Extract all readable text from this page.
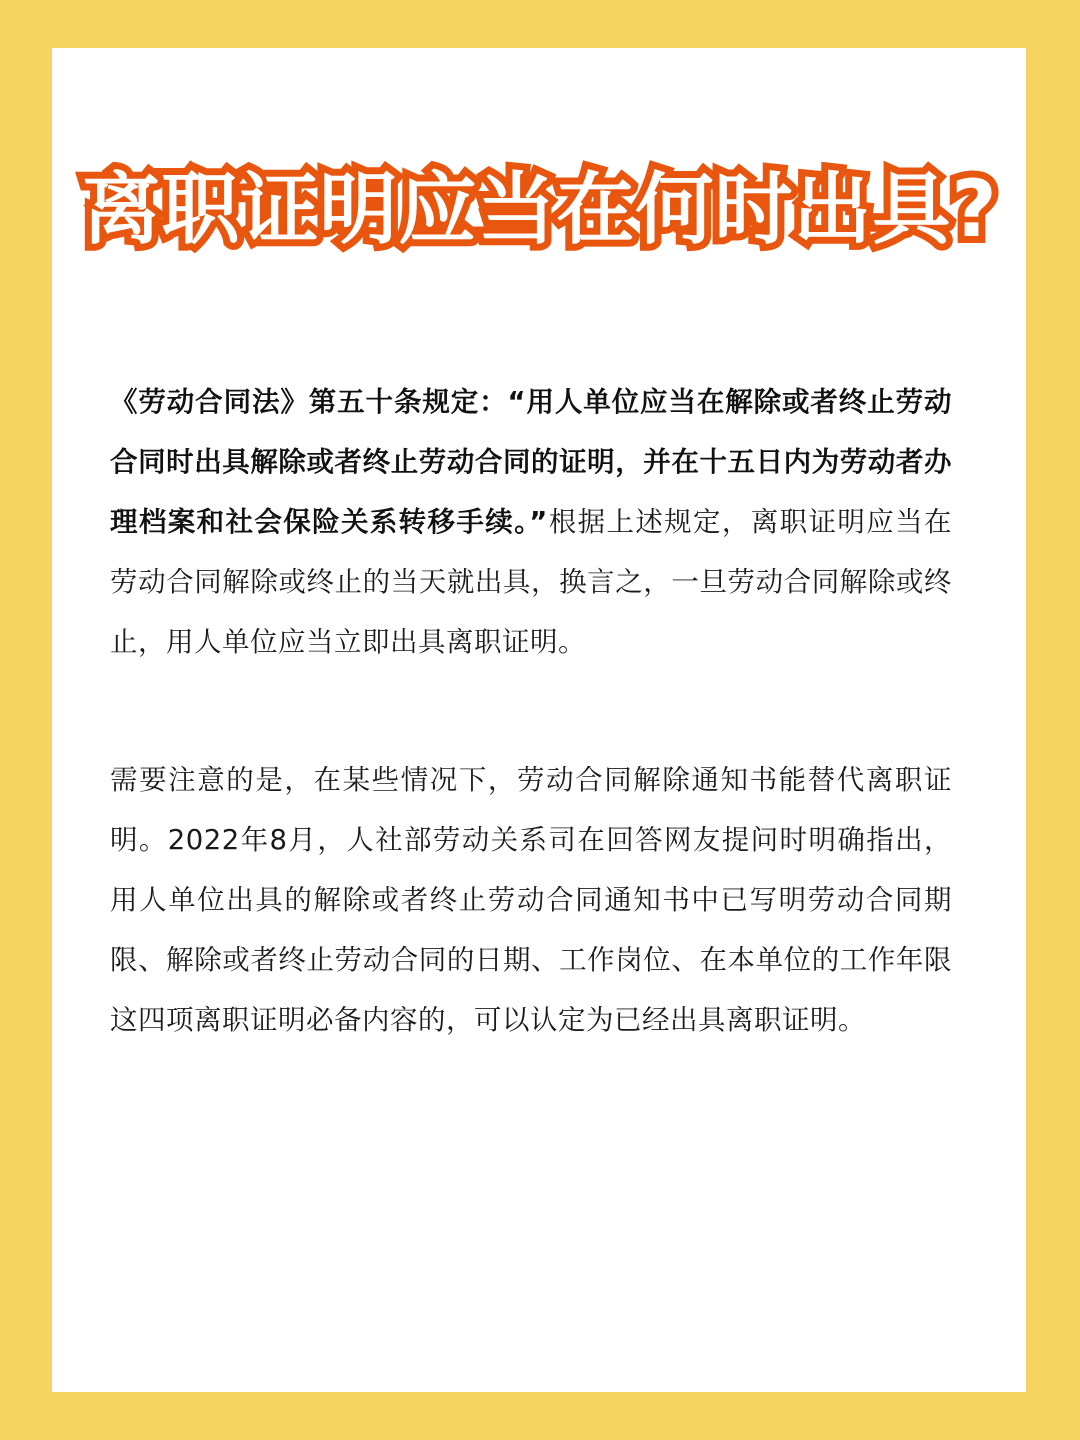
离职证明应当在何时出具?
《劳动合同法》第五十条规定：“用人单位应当在解除或者终止劳动合同时出具解除或者终止劳动合同的证明，并在十五日内为劳动者办理档案和社会保险关系转移手续。”根据上述规定，离职证明应当在劳动合同解除或终止的当天就出具，换言之，一旦劳动合同解除或终止，用人单位应当立即出具离职证明。
需要注意的是，在某些情况下，劳动合同解除通知书能替代离职证明。2022年8月，人社部劳动关系司在回答网友提问时明确指出，用人单位出具的解除或者终止劳动合同通知书中已写明劳动合同期限、解除或者终止劳动合同的日期、工作岗位、在本单位的工作年限这四项离职证明必备内容的，可以认定为已经出具离职证明。
